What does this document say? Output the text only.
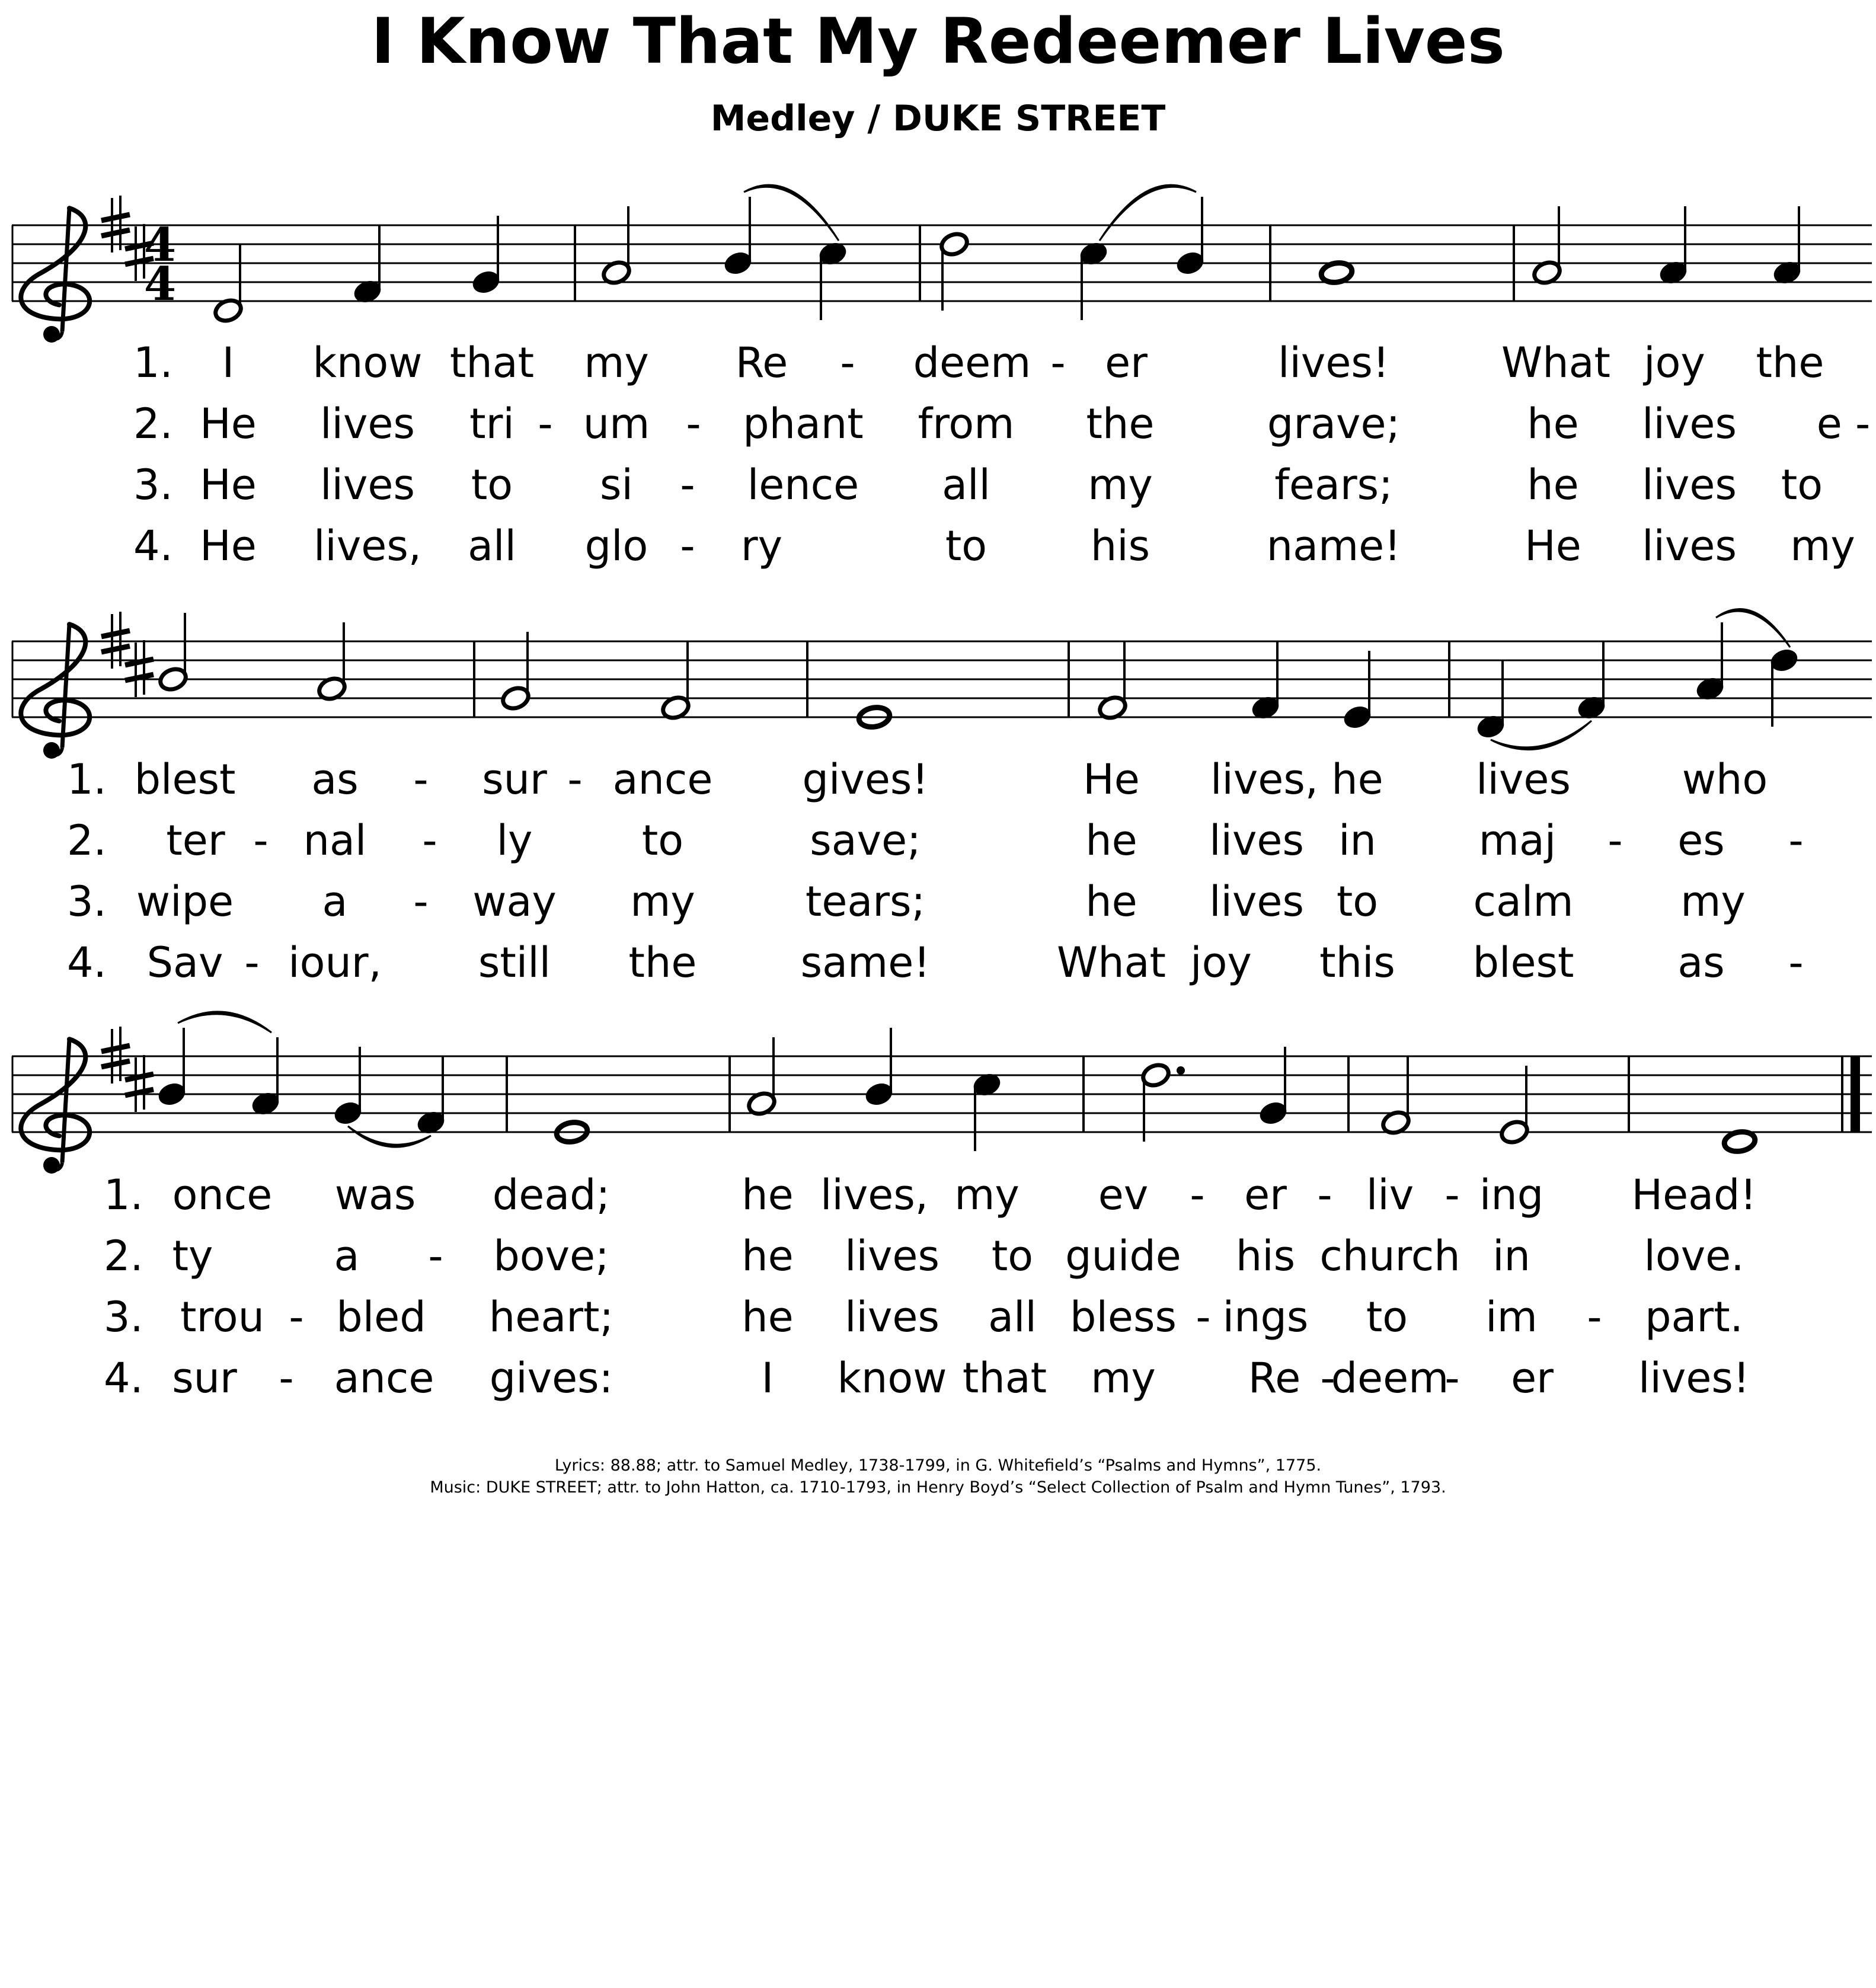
I Know That My Redeemer Lives
Medley / DUKE STREET
4
4
1.
2.
3.
4.
I know that my Re - deem - er	lives!	What joy the
He lives tri - um - phant from the	grave;	he lives e -
He lives to si - lence all my	fears;	he lives to
He lives, all glo - ry	to his	name!	He lives my
1.
2.
3.
4.
blest as - sur - ance gives!	He lives, he lives	who
ter - nal - ly	to	save;	he lives in maj - es -
wipe a - way my	tears;	he lives to calm	my
Sav - iour, still the	same!	What joy this blest as -
1.
2.
3.
4.
once was dead;	he lives, my ev - er - liv - ing Head!
ty	a - bove;	he lives to guide his church in	love.
trou - bled heart;	he lives all bless - ings to im - part.
sur - ance gives:	I know that my Re -
deem
- er lives!
Lyrics: 88.88; attr. to Samuel Medley, 1738-1799, in G. Whitefield’s “Psalms and Hymns”, 1775.
Music: DUKE STREET; attr. to John Hatton, ca. 1710-1793, in Henry Boyd’s “Select Collection of Psalm and Hymn Tunes”, 1793.
